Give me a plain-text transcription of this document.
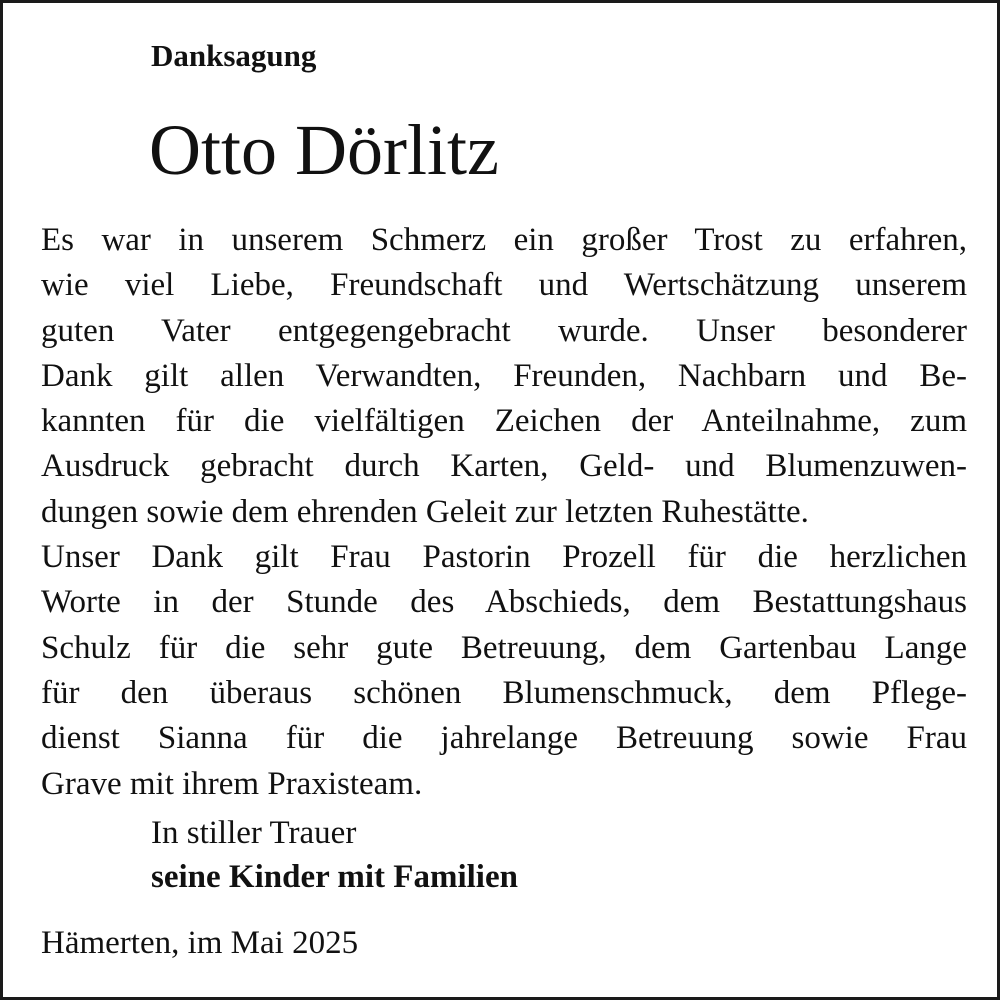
Danksagung
Otto Dörlitz
Es war in unserem Schmerz ein großer Trost zu erfahren,
wie viel Liebe, Freundschaft und Wertschätzung unserem
guten Vater entgegengebracht wurde. Unser besonderer
Dank gilt allen Verwandten, Freunden, Nachbarn und Be-
kannten für die vielfältigen Zeichen der Anteilnahme, zum
Ausdruck gebracht durch Karten, Geld- und Blumenzuwen-
dungen sowie dem ehrenden Geleit zur letzten Ruhestätte.
Unser Dank gilt Frau Pastorin Prozell für die herzlichen
Worte in der Stunde des Abschieds, dem Bestattungshaus
Schulz für die sehr gute Betreuung, dem Gartenbau Lange
für den überaus schönen Blumenschmuck, dem Pflege-
dienst Sianna für die jahrelange Betreuung sowie Frau
Grave mit ihrem Praxisteam.
In stiller Trauer
seine Kinder mit Familien
Hämerten, im Mai 2025
